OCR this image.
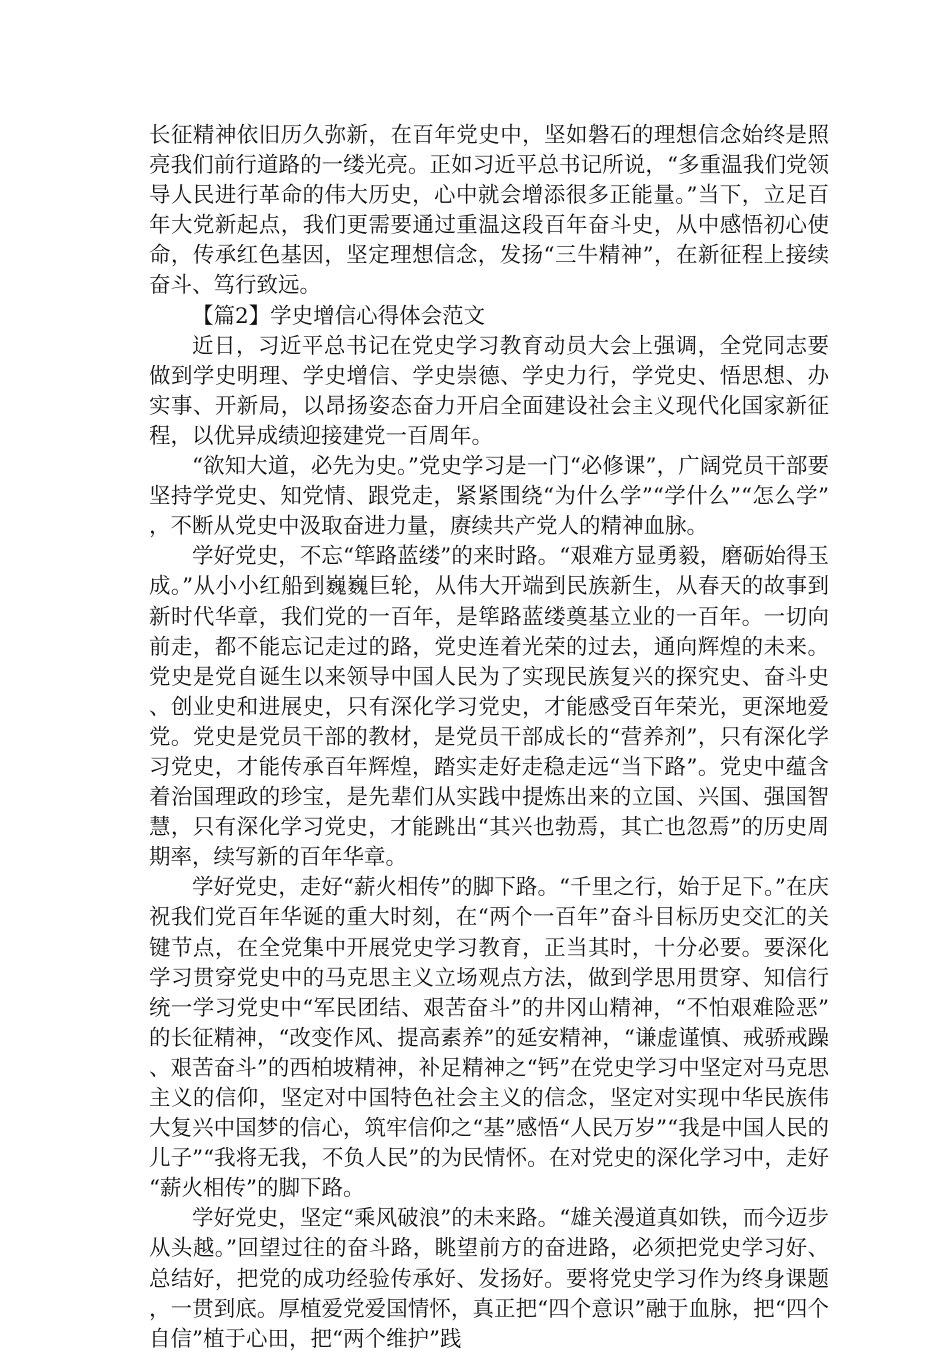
长征精神依旧历久弥新，在百年党史中，坚如磐石的理想信念始终是照亮我们前行道路的一缕光亮。正如习近平总书记所说，“多重温我们党领导人民进行革命的伟大历史，心中就会增添很多正能量。”当下，立足百年大党新起点，我们更需要通过重温这段百年奋斗史，从中感悟初心使命，传承红色基因，坚定理想信念，发扬“三牛精神”，在新征程上接续奋斗、笃行致远。

【篇2】学史增信心得体会范文

近日，习近平总书记在党史学习教育动员大会上强调，全党同志要做到学史明理、学史增信、学史崇德、学史力行，学党史、悟思想、办实事、开新局，以昂扬姿态奋力开启全面建设社会主义现代化国家新征程，以优异成绩迎接建党一百周年。

“欲知大道，必先为史。”党史学习是一门“必修课”，广阔党员干部要坚持学党史、知党情、跟党走，紧紧围绕“为什么学”“学什么”“怎么学”，不断从党史中汲取奋进力量，赓续共产党人的精神血脉。

学好党史，不忘“筚路蓝缕”的来时路。“艰难方显勇毅，磨砺始得玉成。”从小小红船到巍巍巨轮，从伟大开端到民族新生，从春天的故事到新时代华章，我们党的一百年，是筚路蓝缕奠基立业的一百年。一切向前走，都不能忘记走过的路，党史连着光荣的过去，通向辉煌的未来。党史是党自诞生以来领导中国人民为了实现民族复兴的探究史、奋斗史、创业史和进展史，只有深化学习党史，才能感受百年荣光，更深地爱党。党史是党员干部的教材，是党员干部成长的“营养剂”，只有深化学习党史，才能传承百年辉煌，踏实走好走稳走远“当下路”。党史中蕴含着治国理政的珍宝，是先辈们从实践中提炼出来的立国、兴国、强国智慧，只有深化学习党史，才能跳出“其兴也勃焉，其亡也忽焉”的历史周期率，续写新的百年华章。

学好党史，走好“薪火相传”的脚下路。“千里之行，始于足下。”在庆祝我们党百年华诞的重大时刻，在“两个一百年”奋斗目标历史交汇的关键节点，在全党集中开展党史学习教育，正当其时，十分必要。要深化学习贯穿党史中的马克思主义立场观点方法，做到学思用贯穿、知信行统一学习党史中“军民团结、艰苦奋斗”的井冈山精神，“不怕艰难险恶”的长征精神，“改变作风、提高素养”的延安精神，“谦虚谨慎、戒骄戒躁、艰苦奋斗”的西柏坡精神，补足精神之“钙”在党史学习中坚定对马克思主义的信仰，坚定对中国特色社会主义的信念，坚定对实现中华民族伟大复兴中国梦的信心，筑牢信仰之“基”感悟“人民万岁”“我是中国人民的儿子”“我将无我，不负人民”的为民情怀。在对党史的深化学习中，走好“薪火相传”的脚下路。

学好党史，坚定“乘风破浪”的未来路。“雄关漫道真如铁，而今迈步从头越。”回望过往的奋斗路，眺望前方的奋进路，必须把党史学习好、总结好，把党的成功经验传承好、发扬好。要将党史学习作为终身课题，一贯到底。厚植爱党爱国情怀，真正把“四个意识”融于血脉，把“四个自信”植于心田，把“两个维护”践
